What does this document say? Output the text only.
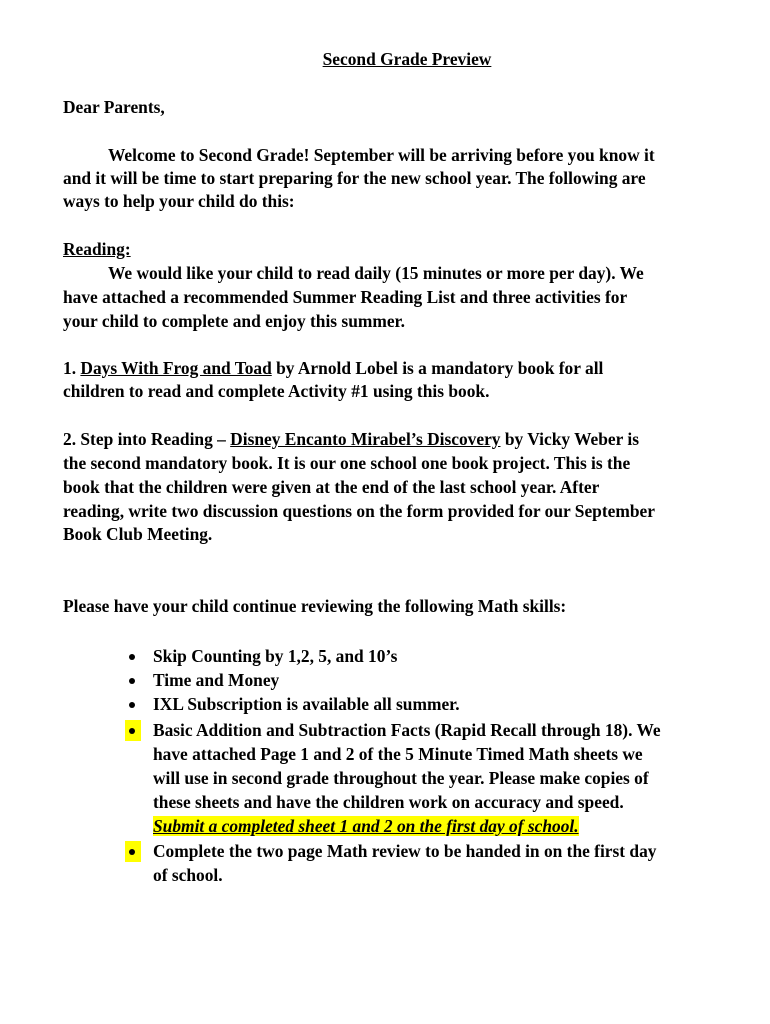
Second Grade Preview
Dear Parents,
Welcome to Second Grade! September will be arriving before you know it
and it will be time to start preparing for the new school year. The following are
ways to help your child do this:
Reading:
We would like your child to read daily (15 minutes or more per day). We
have attached a recommended Summer Reading List and three activities for
your child to complete and enjoy this summer.
1. Days With Frog and Toad by Arnold Lobel is a mandatory book for all
children to read and complete Activity #1 using this book.
2. Step into Reading – Disney Encanto Mirabel’s Discovery by Vicky Weber is
the second mandatory book. It is our one school one book project. This is the
book that the children were given at the end of the last school year. After
reading, write two discussion questions on the form provided for our September
Book Club Meeting.
Please have your child continue reviewing the following Math skills:
Skip Counting by 1,2, 5, and 10’s
Time and Money
IXL Subscription is available all summer.
Basic Addition and Subtraction Facts (Rapid Recall through 18). We
have attached Page 1 and 2 of the 5 Minute Timed Math sheets we
will use in second grade throughout the year. Please make copies of
these sheets and have the children work on accuracy and speed.
Submit a completed sheet 1 and 2 on the first day of school.
Complete the two page Math review to be handed in on the first day
of school.
